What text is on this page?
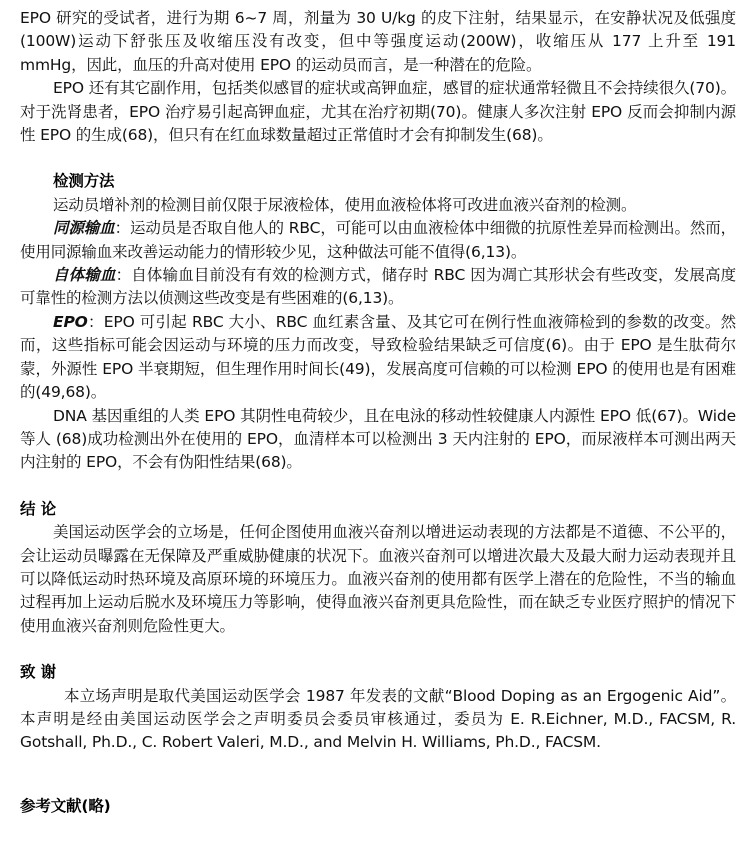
EPO 研究的受试者，进行为期 6~7 周，剂量为 30 U/kg 的皮下注射，结果显示，在安静状况及低强度(100W)运动下舒张压及收缩压没有改变，但中等强度运动(200W)，收缩压从 177 上升至 191 mmHg，因此，血压的升高对使用 EPO 的运动员而言，是一种潜在的危险。

EPO 还有其它副作用，包括类似感冒的症状或高钾血症，感冒的症状通常轻微且不会持续很久(70)。对于洗肾患者，EPO 治疗易引起高钾血症，尤其在治疗初期(70)。健康人多次注射 EPO 反而会抑制内源性 EPO 的生成(68)，但只有在红血球数量超过正常值时才会有抑制发生(68)。

检测方法

运动员增补剂的检测目前仅限于尿液检体，使用血液检体将可改进血液兴奋剂的检测。

同源输血：运动员是否取自他人的 RBC，可能可以由血液检体中细微的抗原性差异而检测出。然而，使用同源输血来改善运动能力的情形较少见，这种做法可能不值得(6,13)。

自体输血：自体输血目前没有有效的检测方式，储存时 RBC 因为凋亡其形状会有些改变，发展高度可靠性的检测方法以侦测这些改变是有些困难的(6,13)。

EPO：EPO 可引起 RBC 大小、RBC 血红素含量、及其它可在例行性血液筛检到的参数的改变。然而，这些指标可能会因运动与环境的压力而改变，导致检验结果缺乏可信度(6)。由于 EPO 是生肽荷尔蒙，外源性 EPO 半衰期短，但生理作用时间长(49)，发展高度可信赖的可以检测 EPO 的使用也是有困难的(49,68)。

DNA 基因重组的人类 EPO 其阴性电荷较少，且在电泳的移动性较健康人内源性 EPO 低(67)。Wide 等人 (68)成功检测出外在使用的 EPO，血清样本可以检测出 3 天内注射的 EPO，而尿液样本可测出两天内注射的 EPO，不会有伪阳性结果(68)。

结 论

美国运动医学会的立场是，任何企图使用血液兴奋剂以增进运动表现的方法都是不道德、不公平的，会让运动员曝露在无保障及严重威胁健康的状况下。血液兴奋剂可以增进次最大及最大耐力运动表现并且可以降低运动时热环境及高原环境的环境压力。血液兴奋剂的使用都有医学上潜在的危险性，不当的输血过程再加上运动后脱水及环境压力等影响，使得血液兴奋剂更具危险性，而在缺乏专业医疗照护的情况下使用血液兴奋剂则危险性更大。

致 谢

本立场声明是取代美国运动医学会 1987 年发表的文献“Blood Doping as an Ergogenic Aid”。本声明是经由美国运动医学会之声明委员会委员审核通过，委员为 E. R.Eichner, M.D., FACSM, R. Gotshall, Ph.D., C. Robert Valeri, M.D., and Melvin H. Williams, Ph.D., FACSM.

参考文献(略)
